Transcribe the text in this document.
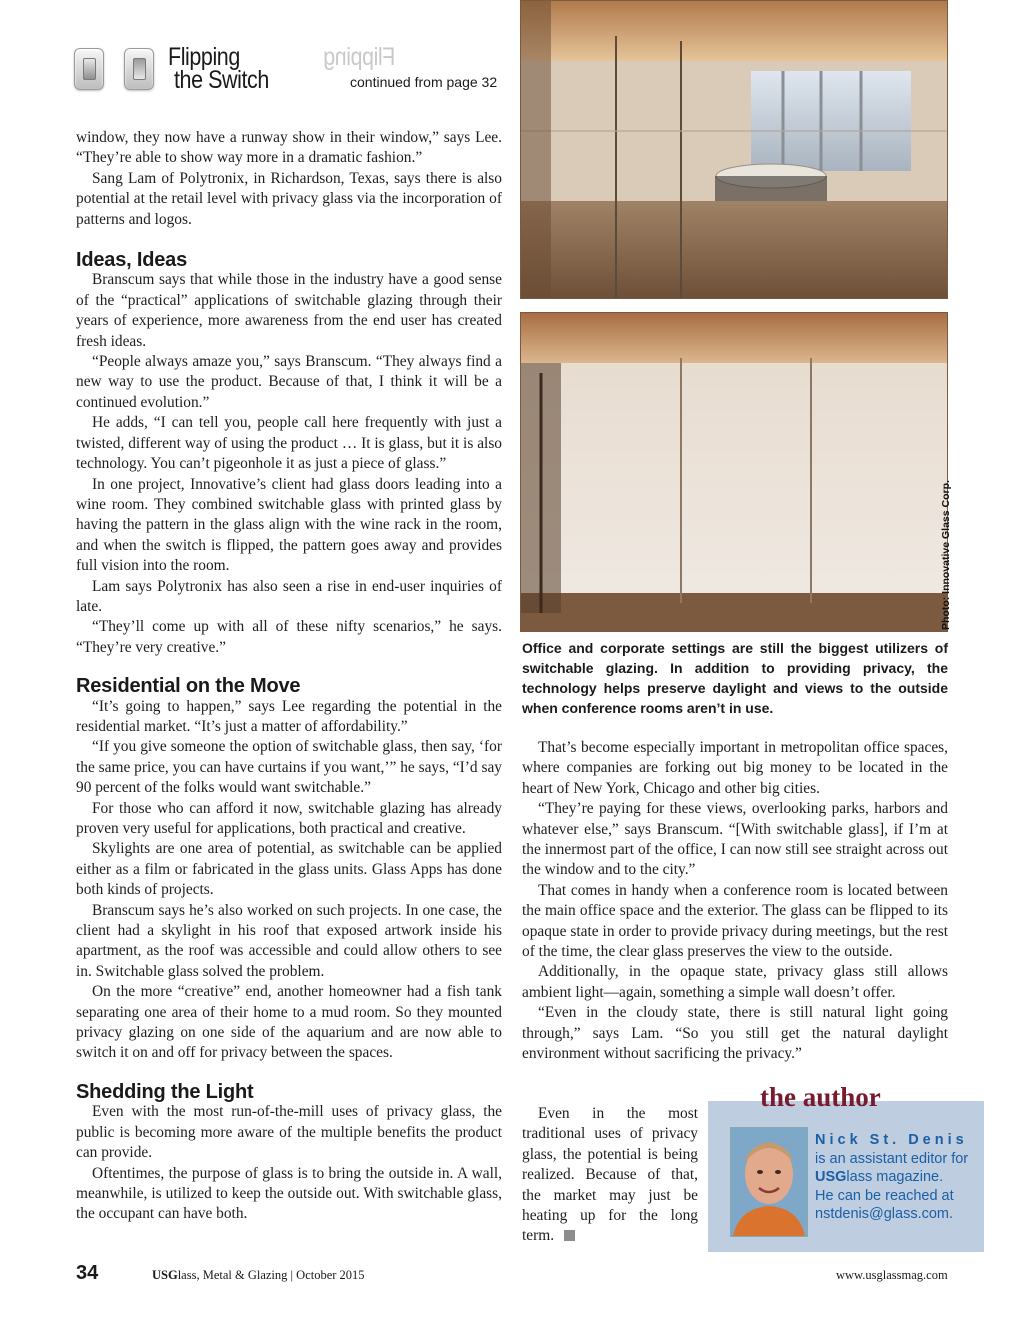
Flipping	Flipping
the Switch	continued from page 32

window, they now have a runway show in their window,” says Lee. “They’re able to show way more in a dramatic fashion.”

Sang Lam of Polytronix, in Richardson, Texas, says there is also potential at the retail level with privacy glass via the incorporation of patterns and logos.

Ideas, Ideas

Branscum says that while those in the industry have a good sense of the “practical” applications of switchable glazing through their years of experience, more awareness from the end user has created fresh ideas.

“People always amaze you,” says Branscum. “They always find a new way to use the product. Because of that, I think it will be a continued evolution.”

He adds, “I can tell you, people call here frequently with just a twisted, different way of using the product … It is glass, but it is also technology. You can’t pigeonhole it as just a piece of glass.”

In one project, Innovative’s client had glass doors leading into a wine room. They combined switchable glass with printed glass by having the pattern in the glass align with the wine rack in the room, and when the switch is flipped, the pattern goes away and provides full vision into the room.

Lam says Polytronix has also seen a rise in end-user inquiries of late.

“They’ll come up with all of these nifty scenarios,” he says. “They’re very creative.”

Residential on the Move

“It’s going to happen,” says Lee regarding the potential in the residential market. “It’s just a matter of affordability.”

“If you give someone the option of switchable glass, then say, ‘for the same price, you can have curtains if you want,’” he says, “I’d say 90 percent of the folks would want switchable.”

For those who can afford it now, switchable glazing has already proven very useful for applications, both practical and creative.

Skylights are one area of potential, as switchable can be applied either as a film or fabricated in the glass units. Glass Apps has done both kinds of projects.

Branscum says he’s also worked on such projects. In one case, the client had a skylight in his roof that exposed artwork inside his apartment, as the roof was accessible and could allow others to see in. Switchable glass solved the problem.

On the more “creative” end, another homeowner had a fish tank separating one area of their home to a mud room. So they mounted privacy glazing on one side of the aquarium and are now able to switch it on and off for privacy between the spaces.

Shedding the Light

Even with the most run-of-the-mill uses of privacy glass, the public is becoming more aware of the multiple benefits the product can provide.

Oftentimes, the purpose of glass is to bring the outside in. A wall, meanwhile, is utilized to keep the outside out. With switchable glass, the occupant can have both.

Photo: Innovative Glass Corp.
Office and corporate settings are still the biggest utilizers of switchable glazing. In addition to providing privacy, the technology helps preserve daylight and views to the outside when conference rooms aren’t in use.

That’s become especially important in metropolitan office spaces, where companies are forking out big money to be located in the heart of New York, Chicago and other big cities.

“They’re paying for these views, overlooking parks, harbors and whatever else,” says Branscum. “[With switchable glass], if I’m at the innermost part of the office, I can now still see straight across out the window and to the city.”

That comes in handy when a conference room is located between the main office space and the exterior. The glass can be flipped to its opaque state in order to provide privacy during meetings, but the rest of the time, the clear glass preserves the view to the outside.

Additionally, in the opaque state, privacy glass still allows ambient light—again, something a simple wall doesn’t offer.

“Even in the cloudy state, there is still natural light going through,” says Lam. “So you still get the natural daylight environment without sacrificing the privacy.”

Even in the most traditional uses of privacy glass, the potential is being realized. Because of that, the market may just be heating up for the long term.

the author
Nick St. Denis
is an assistant editor for USGlass magazine.
He can be reached at nstdenis@glass.com.
34	USGlass, Metal & Glazing | October 2015	www.usglassmag.com
